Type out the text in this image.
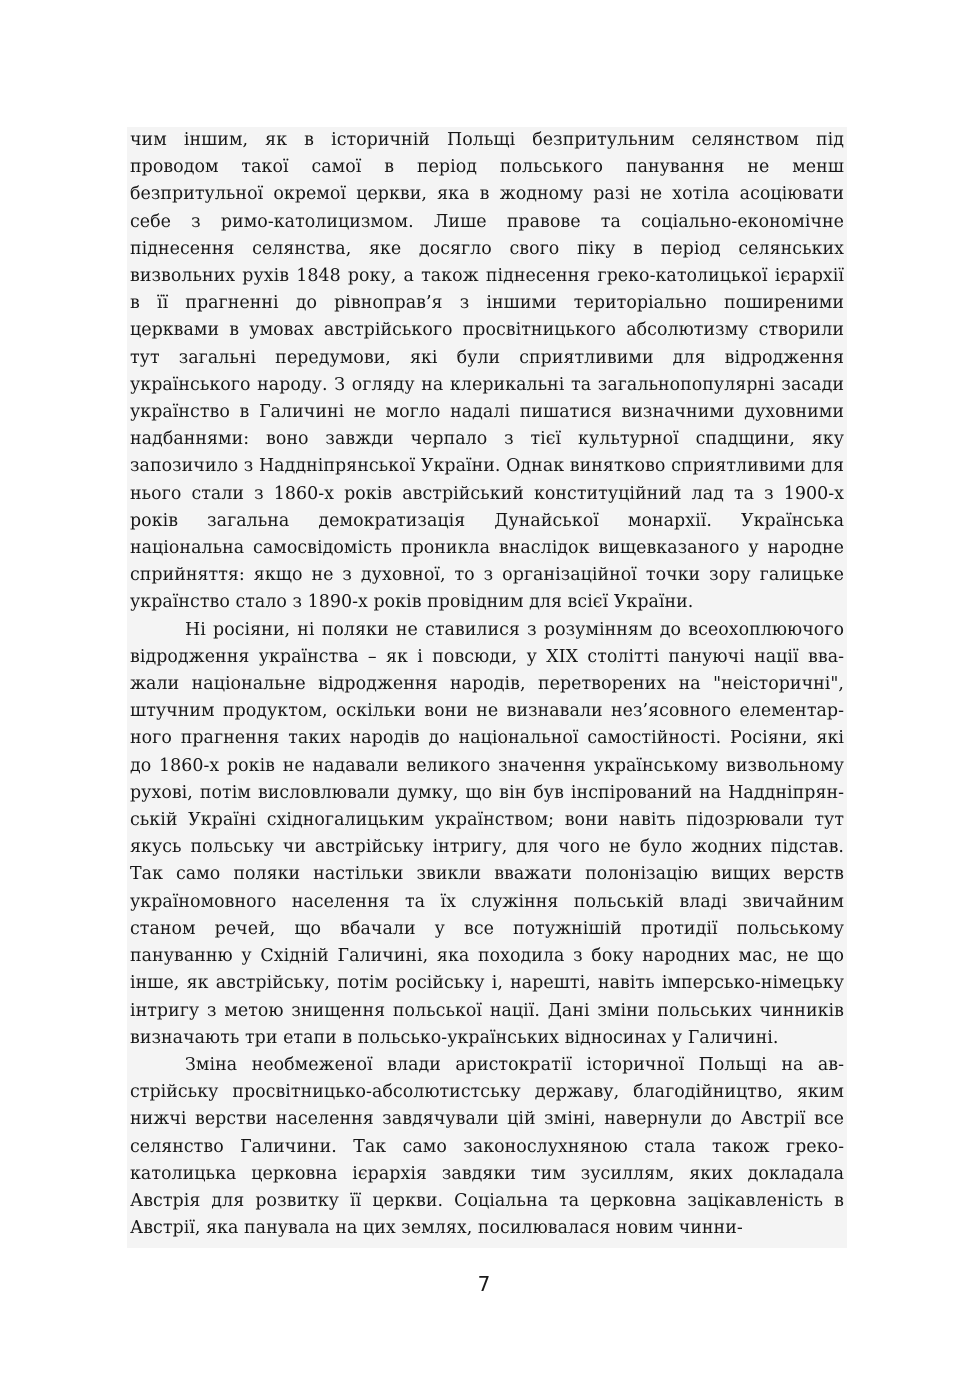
чим іншим, як в історичній Польщі безпритульним селянством під проводом такої самої в період польського панування не менш безпритульної окремої церкви, яка в жодному разі не хотіла асоціювати себе з римо-католицизмом. Лише правове та соціально-економічне піднесення селянства, яке досягло свого піку в період селянських визвольних рухів 1848 року, а також піднесення греко-католицької ієрархії в її прагненні до рівноправ’я з іншими територіально поширеними церквами в умовах австрійського просвітницького абсолютизму створили тут загальні передумови, які були сприятливими для відродження українського народу. З огляду на клерикальні та загальнопопулярні засади українство в Галичині не могло надалі пишатися визначними духовними надбаннями: воно завжди черпало з тієї культурної спадщини, яку запозичило з Наддніпрянської України. Однак винятково сприятливими для нього стали з 1860-х років австрійський конституційний лад та з 1900-х років загальна демократизація Дунайської монархії. Українська національна самосвідомість проникла внаслідок вищевказаного у народне сприйняття: якщо не з духовної, то з організаційної точки зору галицьке українство стало з 1890-х років провідним для всієї України.

Ні росіяни, ні поляки не ставилися з розумінням до всеохоплюючого відродження українства – як і повсюди, у XIX столітті пануючі нації вважали національне відродження народів, перетворених на "неісторичні", штучним продуктом, оскільки вони не визнавали нез’ясовного елементарного прагнення таких народів до національної самостійності. Росіяни, які до 1860-х років не надавали великого значення українському визвольному рухові, потім висловлювали думку, що він був інспірований на Наддніпрянській Україні східногалицьким українством; вони навіть підозрювали тут якусь польську чи австрійську інтригу, для чого не було жодних підстав. Так само поляки настільки звикли вважати полонізацію вищих верств україномовного населення та їх служіння польській владі звичайним станом речей, що вбачали у все потужнішій протидії польському пануванню у Східній Галичині, яка походила з боку народних мас, не що інше, як австрійську, потім російську і, нарешті, навіть імперсько-німецьку інтригу з метою знищення польської нації. Дані зміни польських чинників визначають три етапи в польсько-українських відносинах у Галичині.

Зміна необмеженої влади аристократії історичної Польщі на австрійську просвітницько-абсолютистську державу, благодійництво, яким нижчі верстви населення завдячували цій зміні, навернули до Австрії все селянство Галичини. Так само законослухняною стала також греко-католицька церковна ієрархія завдяки тим зусиллям, яких докладала Австрія для розвитку її церкви. Соціальна та церковна зацікавленість в Австрії, яка панувала на цих землях, посилювалася новим чинни-

7
